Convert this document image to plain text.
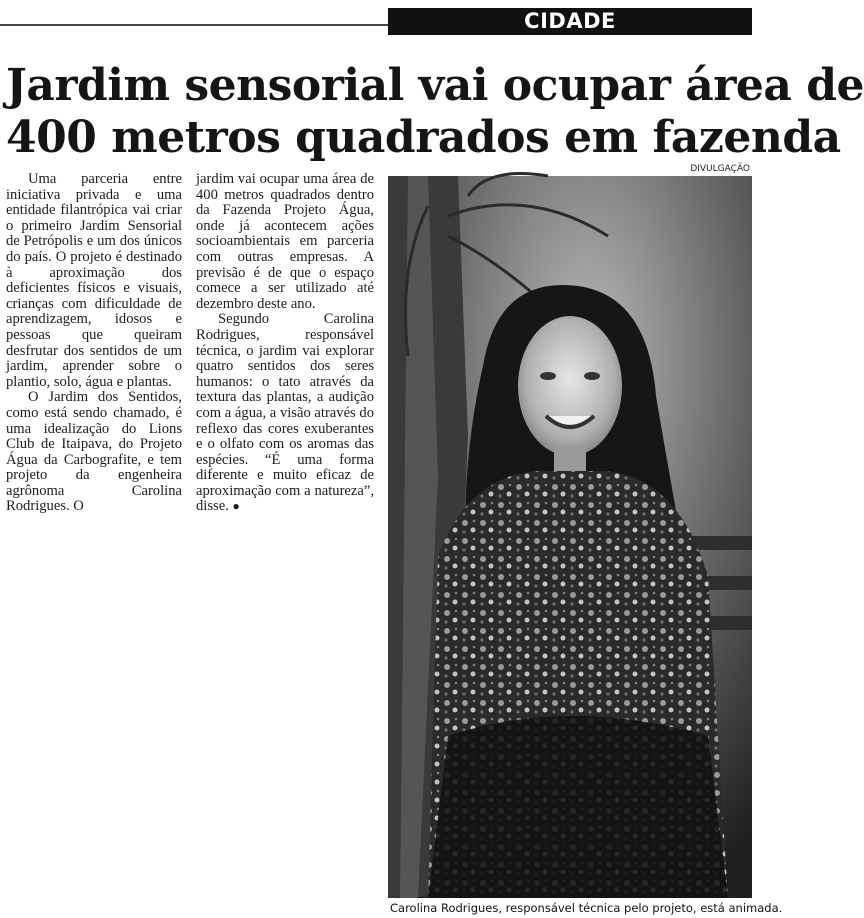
CIDADE
Jardim sensorial vai ocupar área de
400 metros quadrados em fazenda
DIVULGAÇÃO

Uma parceria entre iniciativa privada e uma entidade filantrópica vai criar o primeiro Jardim Sensorial de Petrópolis e um dos únicos do país. O projeto é destinado à aproximação dos deficientes físicos e visuais, crianças com dificuldade de aprendizagem, idosos e pessoas que queiram desfrutar dos sentidos de um jardim, aprender sobre o plantio, solo, água e plantas.

O Jardim dos Sentidos, como está sendo chamado, é uma idealização do Lions Club de Itaipava, do Projeto Água da Carbografite, e tem projeto da engenheira agrônoma Carolina Rodrigues. O

jardim vai ocupar uma área de 400 metros quadrados dentro da Fazenda Projeto Água, onde já acontecem ações socioambientais em parceria com outras empresas. A previsão é de que o espaço comece a ser utilizado até dezembro deste ano.

Segundo Carolina Rodrigues, responsável técnica, o jardim vai explorar quatro sentidos dos seres humanos: o tato através da textura das plantas, a audição com a água, a visão através do reflexo das cores exuberantes e o olfato com os aromas das espécies. “É uma forma diferente e muito eficaz de aproximação com a natureza”, disse. ●

Carolina Rodrigues, responsável técnica pelo projeto, está animada.
